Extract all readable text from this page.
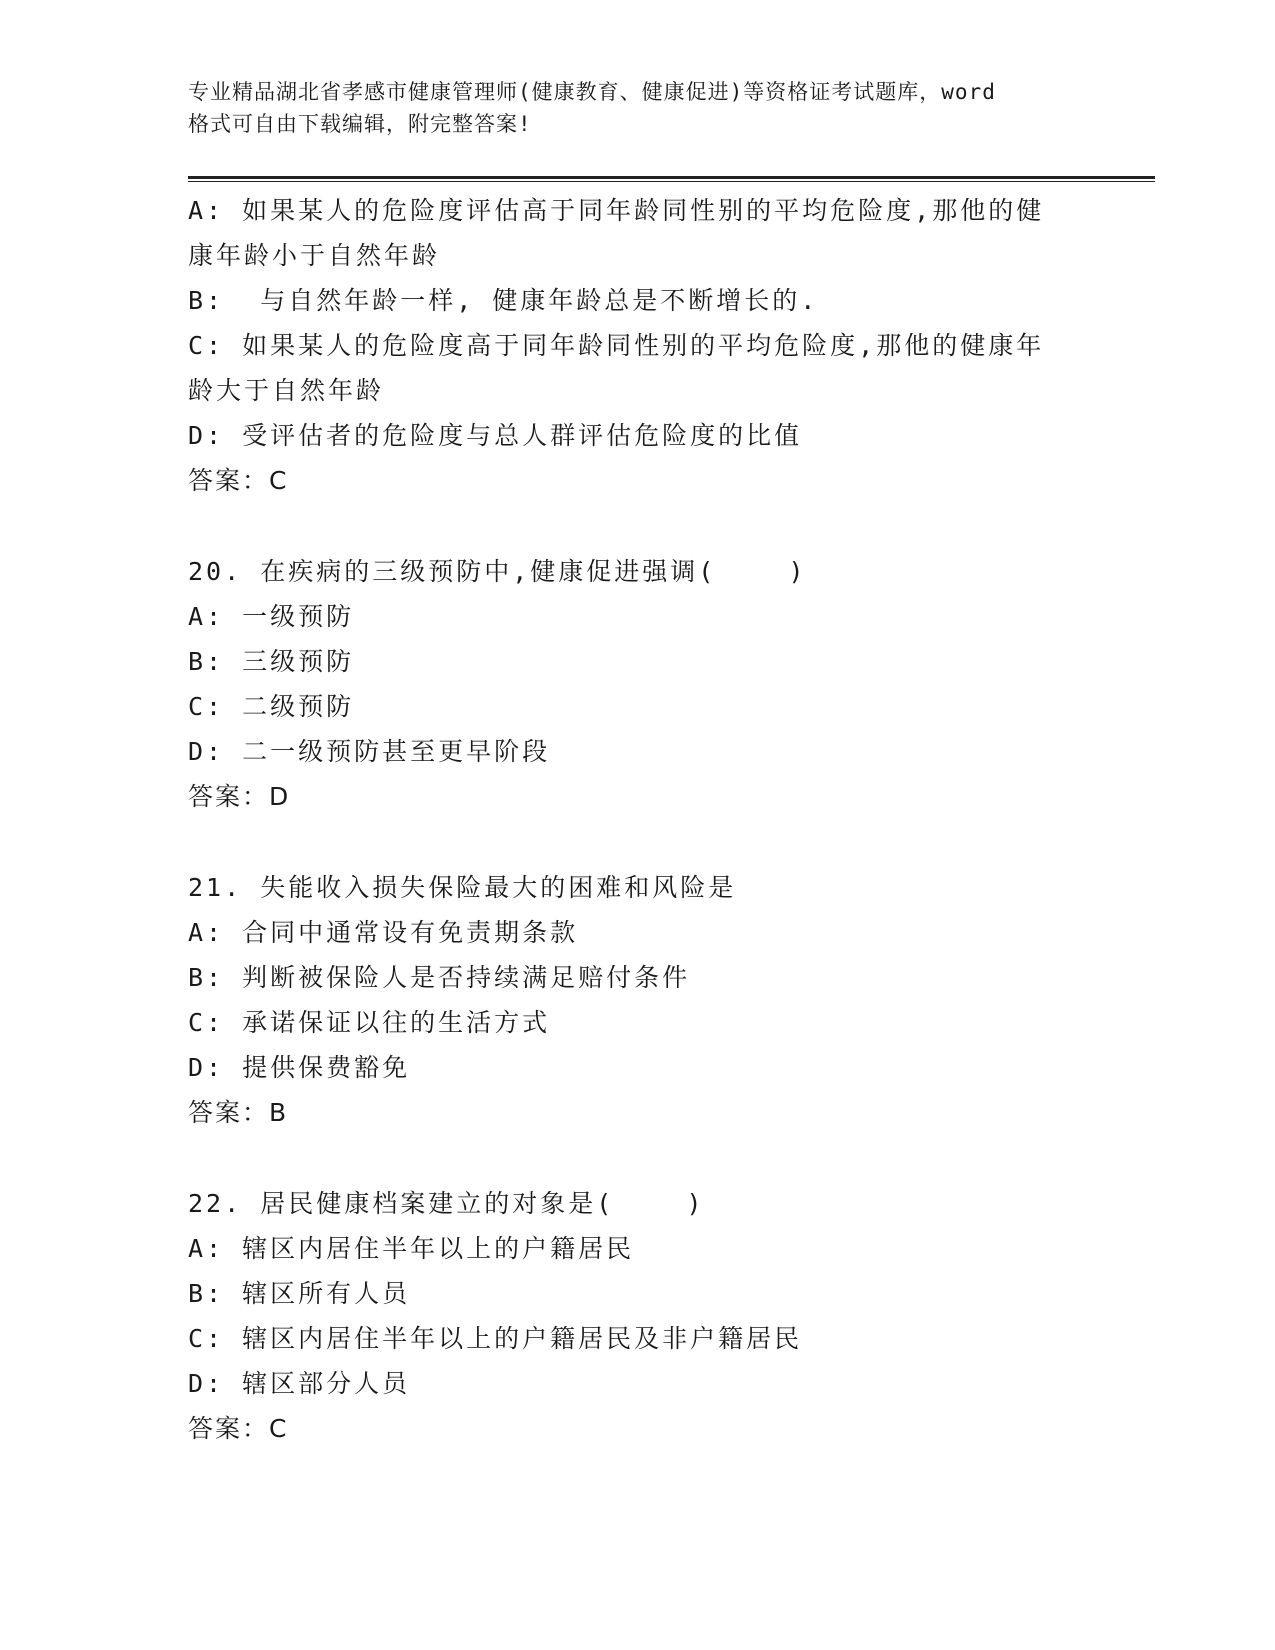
专业精品湖北省孝感市健康管理师(健康教育、健康促进)等资格证考试题库，word
格式可自由下载编辑，附完整答案!
A: 如果某人的危险度评估高于同年龄同性别的平均危险度,那他的健
康年龄小于自然年龄
B:  与自然年龄一样, 健康年龄总是不断增长的.
C: 如果某人的危险度高于同年龄同性别的平均危险度,那他的健康年
龄大于自然年龄
D: 受评估者的危险度与总人群评估危险度的比值
答案：C
20. 在疾病的三级预防中,健康促进强调(    )
A: 一级预防
B: 三级预防
C: 二级预防
D: 二一级预防甚至更早阶段
答案：D
21. 失能收入损失保险最大的困难和风险是
A: 合同中通常设有免责期条款
B: 判断被保险人是否持续满足赔付条件
C: 承诺保证以往的生活方式
D: 提供保费豁免
答案：B
22. 居民健康档案建立的对象是(    )
A: 辖区内居住半年以上的户籍居民
B: 辖区所有人员
C: 辖区内居住半年以上的户籍居民及非户籍居民
D: 辖区部分人员
答案：C
